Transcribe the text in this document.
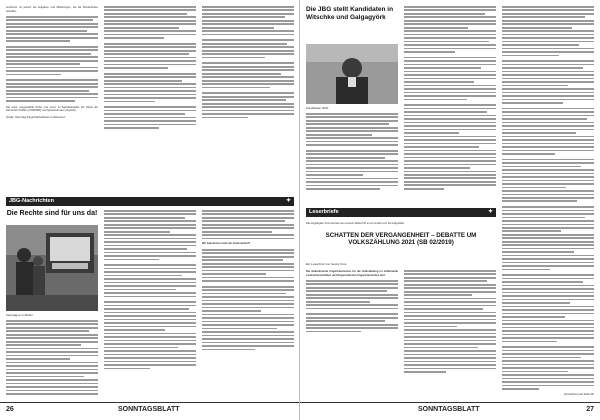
beruhend, ist jedoch die Aufgaben und Mitteilungen, die die Minderheiten betreffen.

Die Autor, ausgewählte Writer und Jurist, ist Sachbearbeiter der Partei der Deutschen Kräften (CDB/SBP) und Sprachobmann (Jugend)

Quelle: https://jbg.lt/jugendarbeit/hass-in-diskussion

JBG-Nachrichten	✦
Die Rechte sind für uns da!
Kampagne in Weiler

Wir bekommen mehr als Anwesenheit?

26	SONNTAGSBLATT
Die JBG stellt Kandidaten in Witschke und Galgagyörk
Kandidaten 2021
Leserbriefe	✦

Die eingelegten Kommentare aus unserer Zeitschrift an ein Artikel vom Sonntagsblatt.

SCHATTEN DER VERGANGENHEIT – DEBATTE UM VOLKSZÄHLUNG 2021 (SB 02/2019)
Ein Leserbrief von Georg Köre

Die diskutierende Ungarndeutschen für die Volkszählung ist mittlerweile Landsmannschaften und Organisationen Ungarndeutschen dort.

(Fortsetzung auf Seite 28)

SONNTAGSBLATT	27
